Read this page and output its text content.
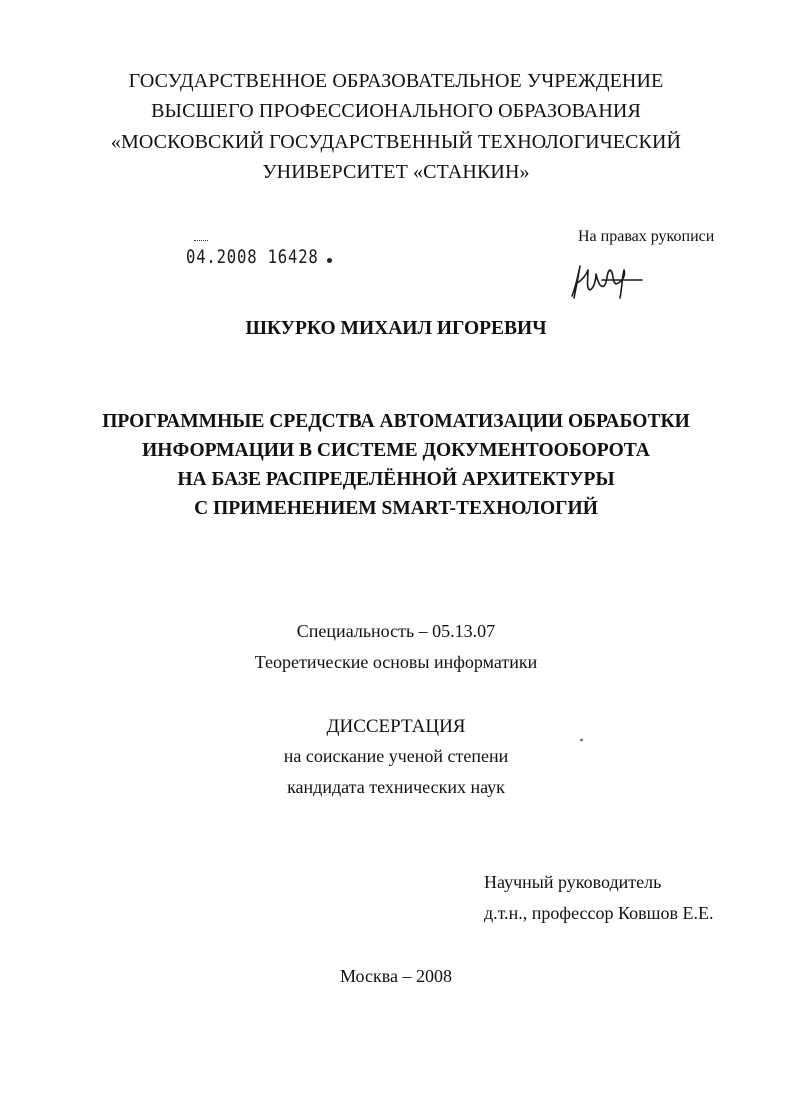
ГОСУДАРСТВЕННОЕ ОБРАЗОВАТЕЛЬНОЕ УЧРЕЖДЕНИЕ
ВЫСШЕГО ПРОФЕССИОНАЛЬНОГО ОБРАЗОВАНИЯ
«МОСКОВСКИЙ ГОСУДАРСТВЕННЫЙ ТЕХНОЛОГИЧЕСКИЙ
УНИВЕРСИТЕТ «СТАНКИН»
На правах рукописи
04.2008 16428
ШКУРКО МИХАИЛ ИГОРЕВИЧ
ПРОГРАММНЫЕ СРЕДСТВА АВТОМАТИЗАЦИИ ОБРАБОТКИ
ИНФОРМАЦИИ В СИСТЕМЕ ДОКУМЕНТООБОРОТА
НА БАЗЕ РАСПРЕДЕЛЁННОЙ АРХИТЕКТУРЫ
С ПРИМЕНЕНИЕМ SMART-ТЕХНОЛОГИЙ
Специальность – 05.13.07
Теоретические основы информатики
ДИССЕРТАЦИЯ
на соискание ученой степени
кандидата технических наук
Научный руководитель
д.т.н., профессор Ковшов Е.Е.
Москва – 2008
